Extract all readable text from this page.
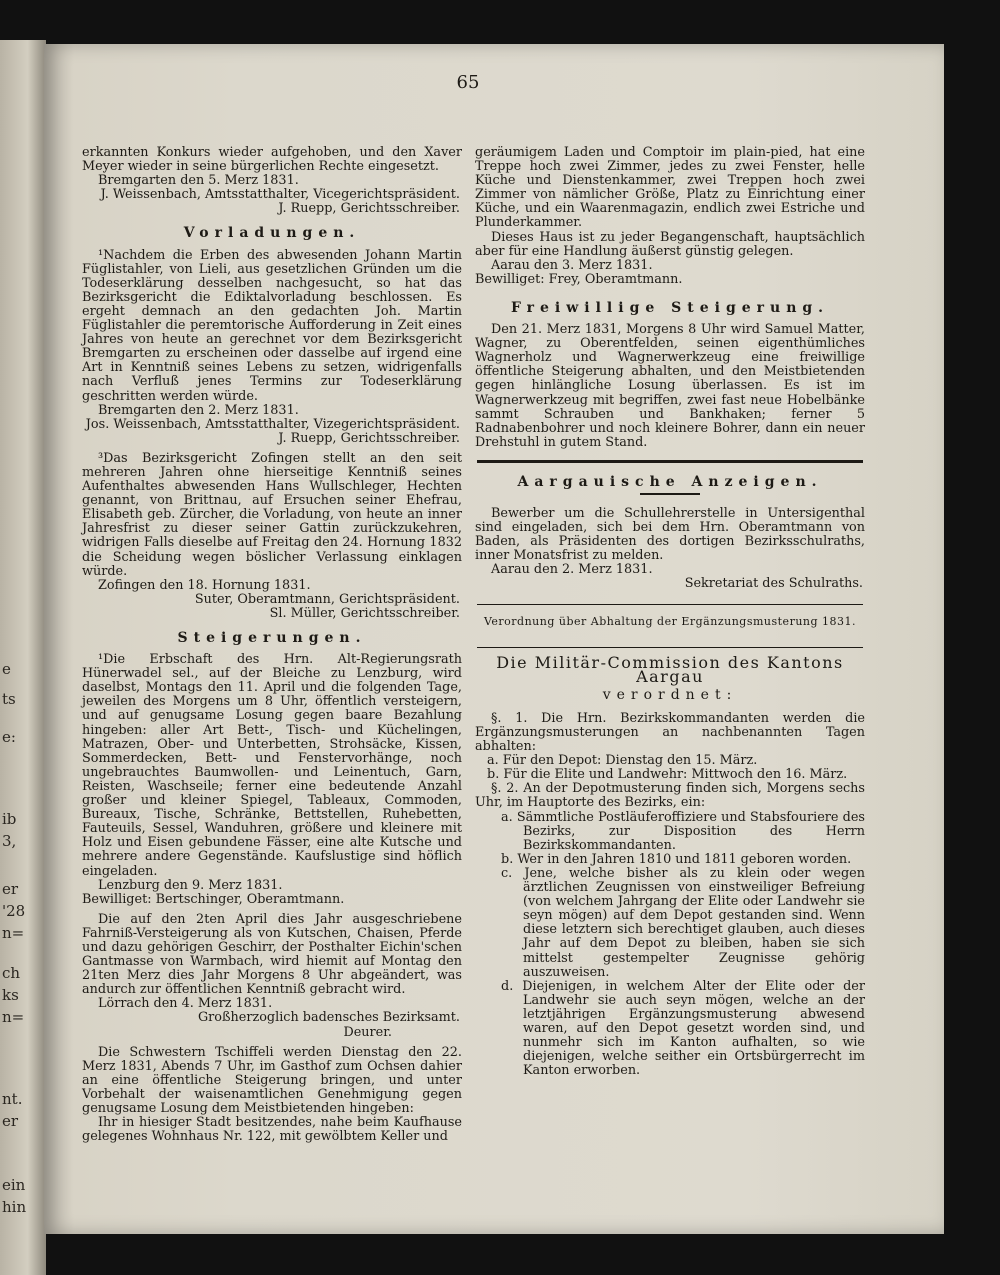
e
ts
e:
ib
3,
er
'28
n=
ch
ks
n=
nt.
er
ein
hin
65

erkannten Konkurs wieder aufgehoben, und den Xaver Meyer wieder in seine bürgerlichen Rechte eingesetzt.

Bremgarten den 5. Merz 1831.

J. Weissenbach, Amtsstatthalter, Vicegerichtspräsident.

J. Ruepp, Gerichtsschreiber.

Vorladungen.

¹Nachdem die Erben des abwesenden Johann Martin Füglistahler, von Lieli, aus gesetzlichen Gründen um die Todeserklärung desselben nachgesucht, so hat das Bezirksgericht die Ediktalvorladung beschlossen. Es ergeht demnach an den gedachten Joh. Martin Füglistahler die peremtorische Aufforderung in Zeit eines Jahres von heute an gerechnet vor dem Bezirksgericht Bremgarten zu erscheinen oder dasselbe auf irgend eine Art in Kenntniß seines Lebens zu setzen, widrigenfalls nach Verfluß jenes Termins zur Todeserklärung geschritten werden würde.

Bremgarten den 2. Merz 1831.

Jos. Weissenbach, Amtsstatthalter, Vizegerichtspräsident.

J. Ruepp, Gerichtsschreiber.

³Das Bezirksgericht Zofingen stellt an den seit mehreren Jahren ohne hierseitige Kenntniß seines Aufenthaltes abwesenden Hans Wullschleger, Hechten genannt, von Brittnau, auf Ersuchen seiner Ehefrau, Elisabeth geb. Zürcher, die Vorladung, von heute an inner Jahresfrist zu dieser seiner Gattin zurückzukehren, widrigen Falls dieselbe auf Freitag den 24. Hornung 1832 die Scheidung wegen böslicher Verlassung einklagen würde.

Zofingen den 18. Hornung 1831.

Suter, Oberamtmann, Gerichtspräsident.

Sl. Müller, Gerichtsschreiber.

Steigerungen.

¹Die Erbschaft des Hrn. Alt-Regierungsrath Hünerwadel sel., auf der Bleiche zu Lenzburg, wird daselbst, Montags den 11. April und die folgenden Tage, jeweilen des Morgens um 8 Uhr, öffentlich versteigern, und auf genugsame Losung gegen baare Bezahlung hingeben: aller Art Bett-, Tisch- und Küchelingen, Matrazen, Ober- und Unterbetten, Strohsäcke, Kissen, Sommerdecken, Bett- und Fenstervorhänge, noch ungebrauchtes Baumwollen- und Leinentuch, Garn, Reisten, Waschseile; ferner eine bedeutende Anzahl großer und kleiner Spiegel, Tableaux, Commoden, Bureaux, Tische, Schränke, Bettstellen, Ruhebetten, Fauteuils, Sessel, Wanduhren, größere und kleinere mit Holz und Eisen gebundene Fässer, eine alte Kutsche und mehrere andere Gegenstände. Kaufslustige sind höflich eingeladen.

Lenzburg den 9. Merz 1831.

Bewilliget: Bertschinger, Oberamtmann.

Die auf den 2ten April dies Jahr ausgeschriebene Fahrniß-Versteigerung als von Kutschen, Chaisen, Pferde und dazu gehörigen Geschirr, der Posthalter Eichin'schen Gantmasse von Warmbach, wird hiemit auf Montag den 21ten Merz dies Jahr Morgens 8 Uhr abgeändert, was andurch zur öffentlichen Kenntniß gebracht wird.

Lörrach den 4. Merz 1831.

Großherzoglich badensches Bezirksamt.

Deurer.

Die Schwestern Tschiffeli werden Dienstag den 22. Merz 1831, Abends 7 Uhr, im Gasthof zum Ochsen dahier an eine öffentliche Steigerung bringen, und unter Vorbehalt der waisenamtlichen Genehmigung gegen genugsame Losung dem Meistbietenden hingeben:

Ihr in hiesiger Stadt besitzendes, nahe beim Kaufhause gelegenes Wohnhaus Nr. 122, mit gewölbtem Keller und

geräumigem Laden und Comptoir im plain-pied, hat eine Treppe hoch zwei Zimmer, jedes zu zwei Fenster, helle Küche und Dienstenkammer, zwei Treppen hoch zwei Zimmer von nämlicher Größe, Platz zu Einrichtung einer Küche, und ein Waarenmagazin, endlich zwei Estriche und Plunderkammer.

Dieses Haus ist zu jeder Begangenschaft, hauptsächlich aber für eine Handlung äußerst günstig gelegen.

Aarau den 3. Merz 1831.

Bewilliget: Frey, Oberamtmann.

Freiwillige Steigerung.

Den 21. Merz 1831, Morgens 8 Uhr wird Samuel Matter, Wagner, zu Oberentfelden, seinen eigenthümliches Wagnerholz und Wagnerwerkzeug eine freiwillige öffentliche Steigerung abhalten, und den Meistbietenden gegen hinlängliche Losung überlassen. Es ist im Wagnerwerkzeug mit begriffen, zwei fast neue Hobelbänke sammt Schrauben und Bankhaken; ferner 5 Radnabenbohrer und noch kleinere Bohrer, dann ein neuer Drehstuhl in gutem Stand.

Aargauische Anzeigen.

Bewerber um die Schullehrerstelle in Untersigenthal sind eingeladen, sich bei dem Hrn. Oberamtmann von Baden, als Präsidenten des dortigen Bezirksschulraths, inner Monatsfrist zu melden.

Aarau den 2. Merz 1831.

Sekretariat des Schulraths.

Verordnung über Abhaltung der Ergänzungsmusterung 1831.
Die Militär-Commission des Kantons Aargau
verordnet:

§. 1. Die Hrn. Bezirkskommandanten werden die Ergänzungsmusterungen an nachbenannten Tagen abhalten:

a. Für den Depot: Dienstag den 15. März.

b. Für die Elite und Landwehr: Mittwoch den 16. März.

§. 2. An der Depotmusterung finden sich, Morgens sechs Uhr, im Hauptorte des Bezirks, ein:

a. Sämmtliche Postläuferoffiziere und Stabsfouriere des Bezirks, zur Disposition des Herrn Bezirkskommandanten.

b. Wer in den Jahren 1810 und 1811 geboren worden.

c. Jene, welche bisher als zu klein oder wegen ärztlichen Zeugnissen von einstweiliger Befreiung (von welchem Jahrgang der Elite oder Landwehr sie seyn mögen) auf dem Depot gestanden sind. Wenn diese letztern sich berechtiget glauben, auch dieses Jahr auf dem Depot zu bleiben, haben sie sich mittelst gestempelter Zeugnisse gehörig auszuweisen.

d. Diejenigen, in welchem Alter der Elite oder der Landwehr sie auch seyn mögen, welche an der letztjährigen Ergänzungsmusterung abwesend waren, auf den Depot gesetzt worden sind, und nunmehr sich im Kanton aufhalten, so wie diejenigen, welche seither ein Ortsbürgerrecht im Kanton erworben.
